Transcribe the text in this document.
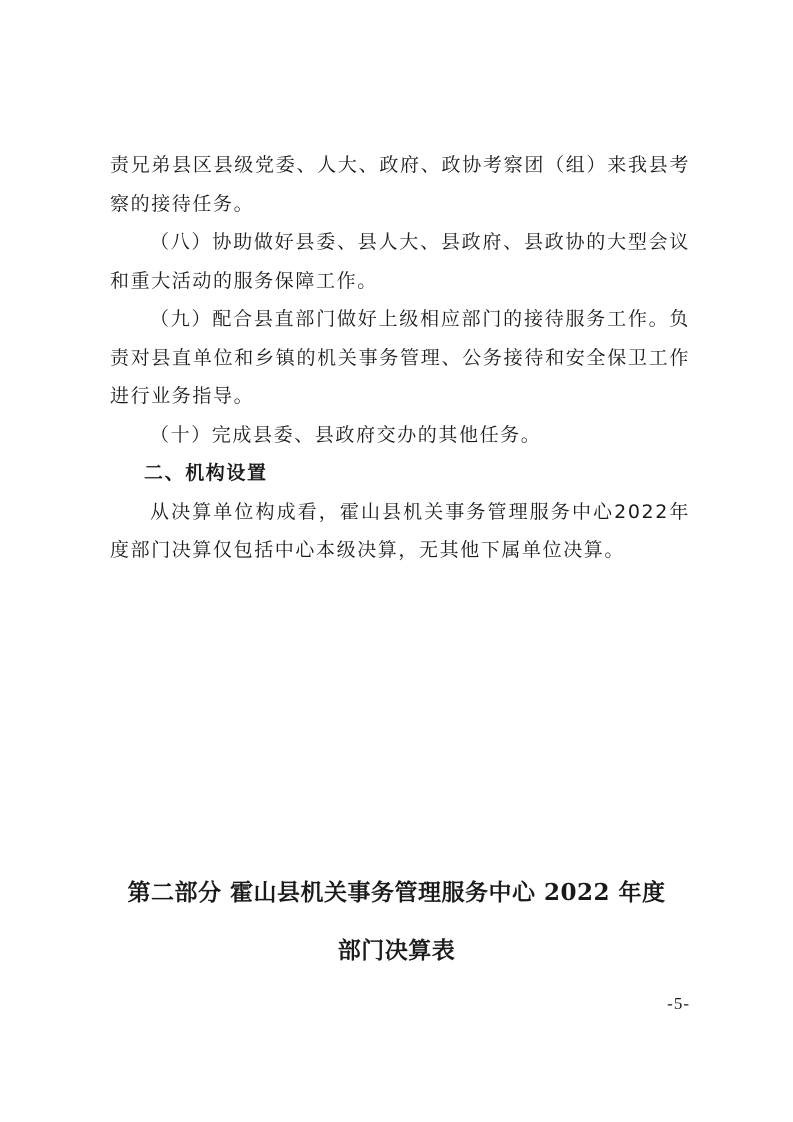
责兄弟县区县级党委、人大、政府、政协考察团（组）来我县考察的接待任务。

（八）协助做好县委、县人大、县政府、县政协的大型会议和重大活动的服务保障工作。

（九）配合县直部门做好上级相应部门的接待服务工作。负责对县直单位和乡镇的机关事务管理、公务接待和安全保卫工作进行业务指导。

（十）完成县委、县政府交办的其他任务。

二、机构设置

从决算单位构成看，霍山县机关事务管理服务中心2022年度部门决算仅包括中心本级决算，无其他下属单位决算。

第二部分 霍山县机关事务管理服务中心 2022 年度
部门决算表
-5-
